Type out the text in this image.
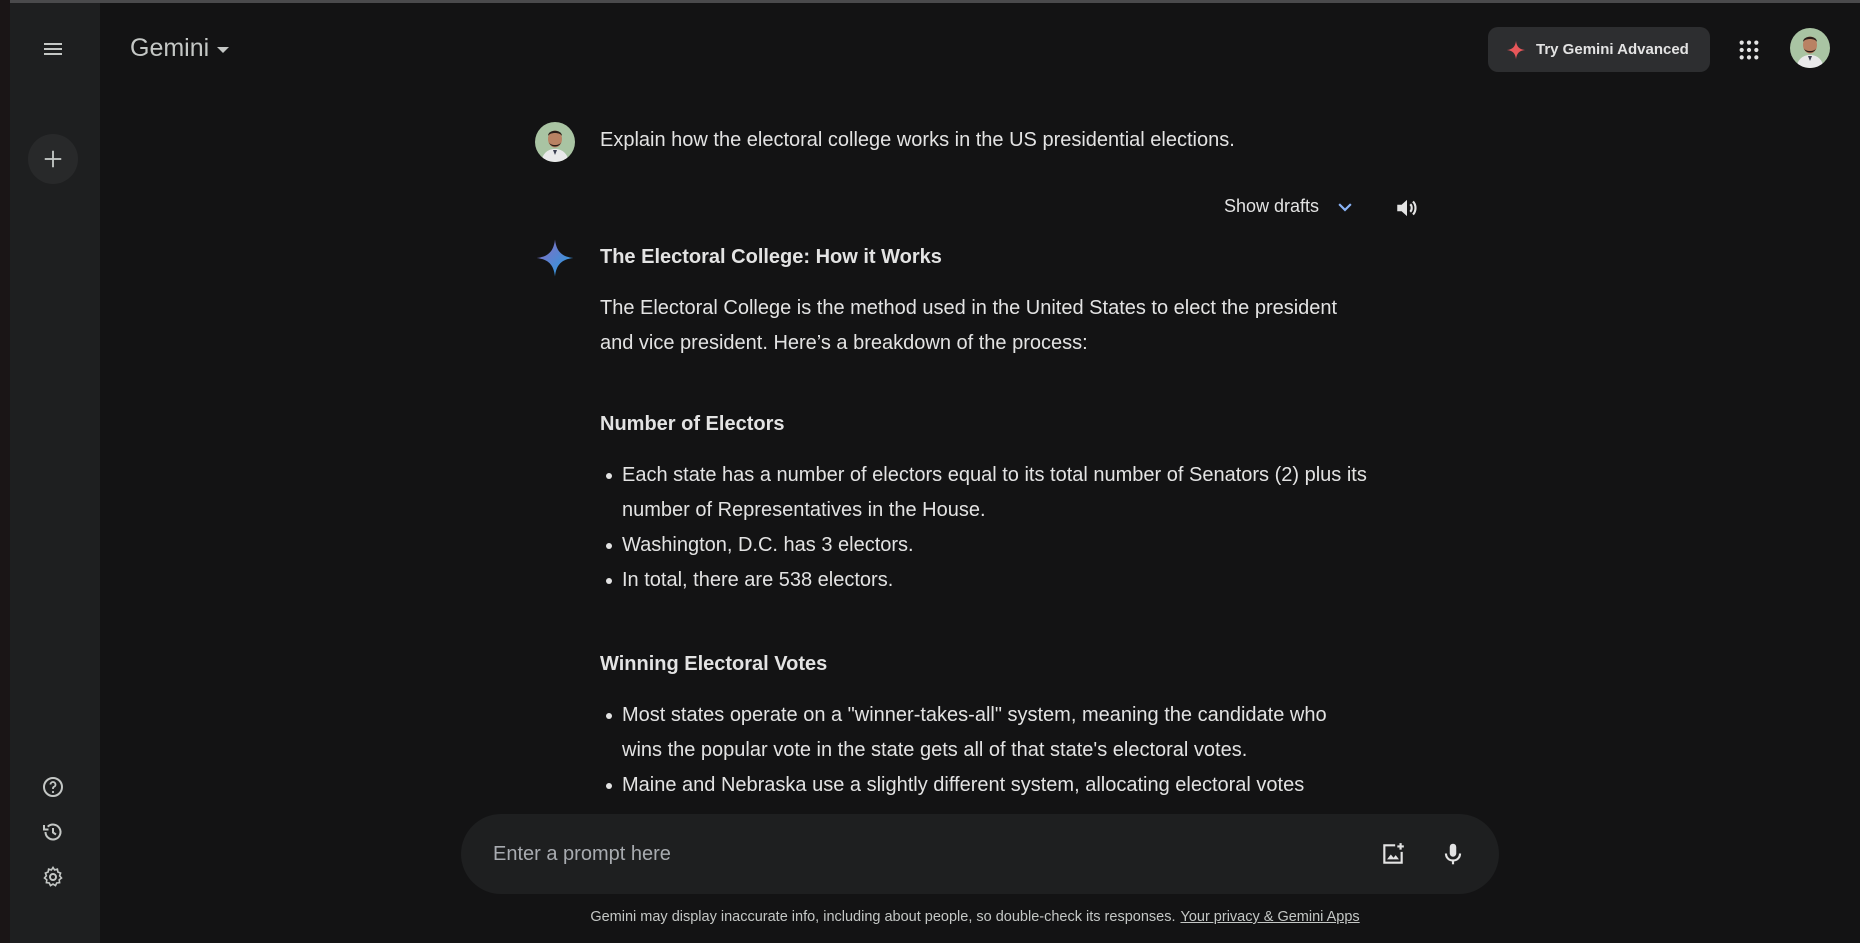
Gemini	Try Gemini Advanced
Explain how the electoral college works in the US presidential elections.
Show drafts
The Electoral College: How it Works

The Electoral College is the method used in the United States to elect the president and vice president. Here’s a breakdown of the process:

Number of Electors
Each state has a number of electors equal to its total number of Senators (2) plus its number of Representatives in the House.
Washington, D.C. has 3 electors.
In total, there are 538 electors.
Winning Electoral Votes
Most states operate on a "winner-takes-all" system, meaning the candidate who wins the popular vote in the state gets all of that state's electoral votes.
Maine and Nebraska use a slightly different system, allocating electoral votes
Enter a prompt here
Gemini may display inaccurate info, including about people, so double-check its responses. Your privacy & Gemini Apps
